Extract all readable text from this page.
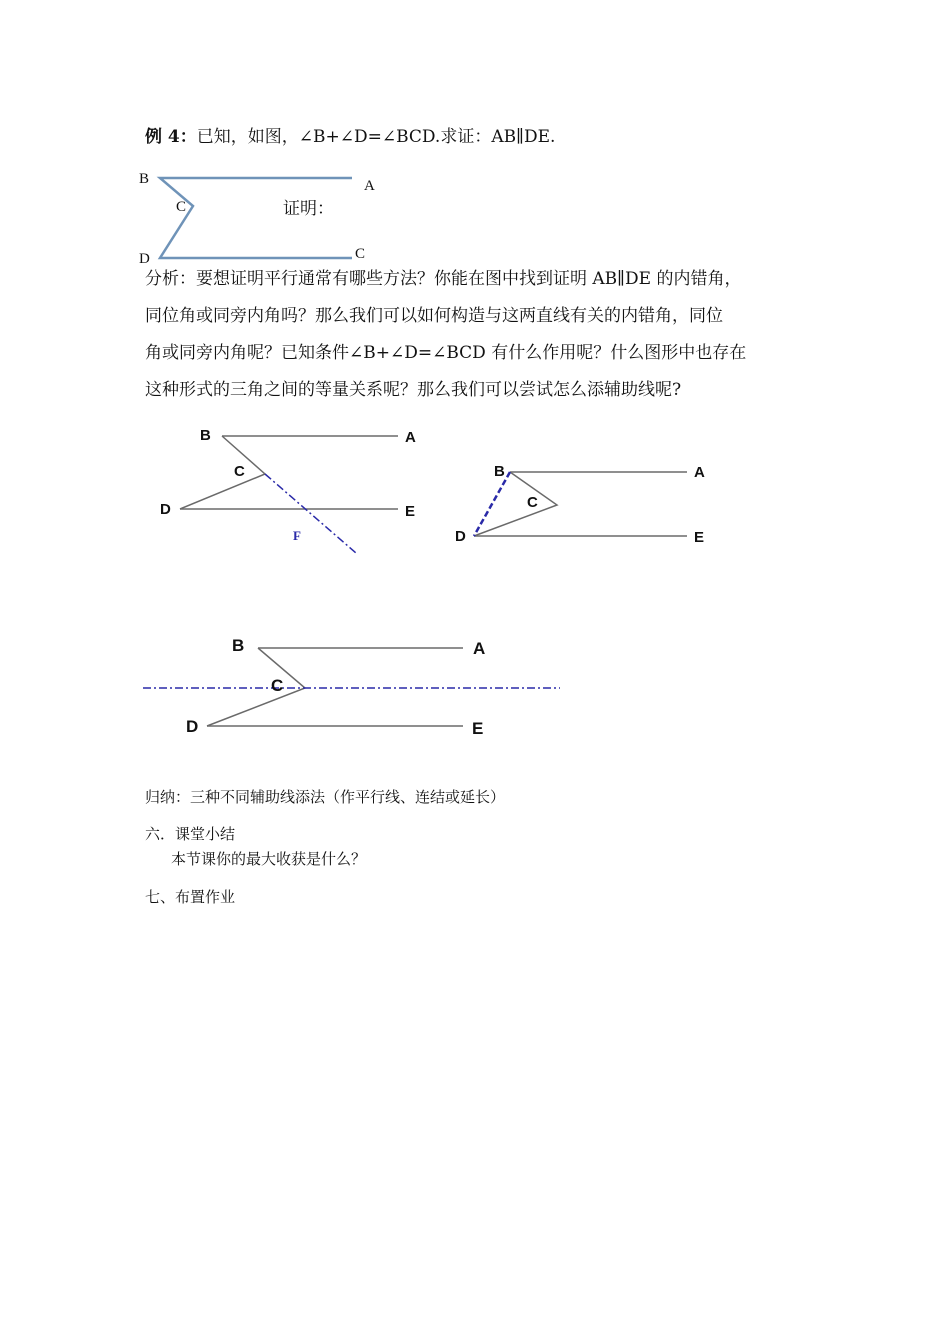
例 4：已知，如图，∠B+∠D=∠BCD.求证：AB∥DE.
B	A
C
D	C
证明：
分析：要想证明平行通常有哪些方法？你能在图中找到证明 AB∥DE 的内错角，
同位角或同旁内角吗？那么我们可以如何构造与这两直线有关的内错角，同位
角或同旁内角呢？已知条件∠B+∠D=∠BCD 有什么作用呢？什么图形中也存在
这种形式的三角之间的等量关系呢？那么我们可以尝试怎么添辅助线呢?
B	A
C
D	E
F
B	A
C
D	E
B	A
C
D	E
归纳：三种不同辅助线添法（作平行线、连结或延长）
六．课堂小结
本节课你的最大收获是什么？
七、布置作业
